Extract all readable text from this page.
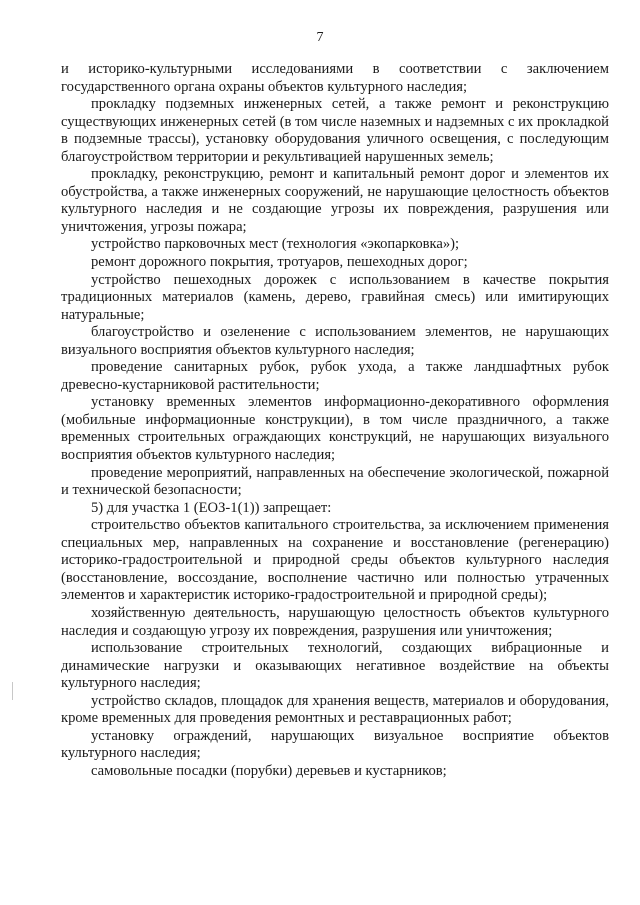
7

и историко-культурными исследованиями в соответствии с заключением государственного органа охраны объектов культурного наследия;

прокладку подземных инженерных сетей, а также ремонт и реконструкцию существующих инженерных сетей (в том числе наземных и надземных с их прокладкой в подземные трассы), установку оборудования уличного освещения, с последующим благоустройством территории и рекультивацией нарушенных земель;

прокладку, реконструкцию, ремонт и капитальный ремонт дорог и элементов их обустройства, а также инженерных сооружений, не нарушающие целостность объектов культурного наследия и не создающие угрозы их повреждения, разрушения или уничтожения, угрозы пожара;

устройство парковочных мест (технология «экопарковка»);

ремонт дорожного покрытия, тротуаров, пешеходных дорог;

устройство пешеходных дорожек с использованием в качестве покрытия традиционных материалов (камень, дерево, гравийная смесь) или имитирующих натуральные;

благоустройство и озеленение с использованием элементов, не нарушающих визуального восприятия объектов культурного наследия;

проведение санитарных рубок, рубок ухода, а также ландшафтных рубок древесно-кустарниковой растительности;

установку временных элементов информационно-декоративного оформления (мобильные информационные конструкции), в том числе праздничного, а также временных строительных ограждающих конструкций, не нарушающих визуального восприятия объектов культурного наследия;

проведение мероприятий, направленных на обеспечение экологической, пожарной и технической безопасности;

5) для участка 1 (ЕОЗ-1(1)) запрещает:

строительство объектов капитального строительства, за исключением применения специальных мер, направленных на сохранение и восстановление (регенерацию) историко-градостроительной и природной среды объектов культурного наследия (восстановление, воссоздание, восполнение частично или полностью утраченных элементов и характеристик историко-градостроительной и природной среды);

хозяйственную деятельность, нарушающую целостность объектов культурного наследия и создающую угрозу их повреждения, разрушения или уничтожения;

использование строительных технологий, создающих вибрационные и динамические нагрузки и оказывающих негативное воздействие на объекты культурного наследия;

устройство складов, площадок для хранения веществ, материалов и оборудования, кроме временных для проведения ремонтных и реставрационных работ;

установку ограждений, нарушающих визуальное восприятие объектов культурного наследия;

самовольные посадки (порубки) деревьев и кустарников;
